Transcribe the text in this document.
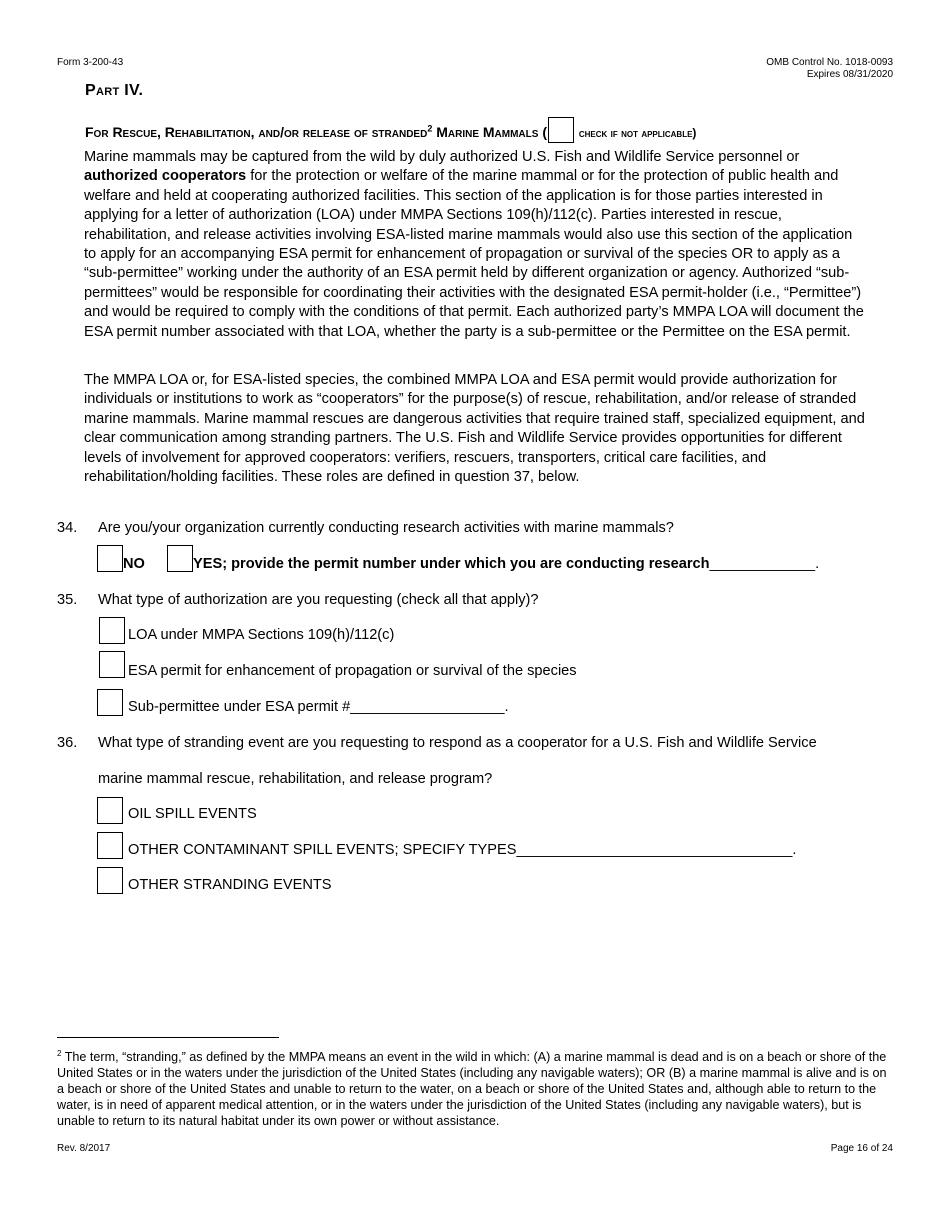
Form 3-200-43	OMB Control No. 1018-0093
Expires 08/31/2020
Part IV.
For Rescue, Rehabilitation, and/or release of stranded$^2$ Marine Mammals (	check if not applicable)

Marine mammals may be captured from the wild by duly authorized U.S. Fish and Wildlife Service personnel or authorized cooperators for the protection or welfare of the marine mammal or for the protection of public health and welfare and held at cooperating authorized facilities. This section of the application is for those parties interested in applying for a letter of authorization (LOA) under MMPA Sections 109(h)/112(c). Parties interested in rescue, rehabilitation, and release activities involving ESA-listed marine mammals would also use this section of the application to apply for an accompanying ESA permit for enhancement of propagation or survival of the species OR to apply as a “sub-permittee” working under the authority of an ESA permit held by different organization or agency. Authorized “sub-permittees” would be responsible for coordinating their activities with the designated ESA permit-holder (i.e., “Permittee”) and would be required to comply with the conditions of that permit. Each authorized party’s MMPA LOA will document the ESA permit number associated with that LOA, whether the party is a sub-permittee or the Permittee on the ESA permit.

The MMPA LOA or, for ESA-listed species, the combined MMPA LOA and ESA permit would provide authorization for individuals or institutions to work as “cooperators” for the purpose(s) of rescue, rehabilitation, and/or release of stranded marine mammals. Marine mammal rescues are dangerous activities that require trained staff, specialized equipment, and clear communication among stranding partners. The U.S. Fish and Wildlife Service provides opportunities for different levels of involvement for approved cooperators: verifiers, rescuers, transporters, critical care facilities, and rehabilitation/holding facilities. These roles are defined in question 37, below.

34. Are you/your organization currently conducting research activities with marine mammals?
NO	YES; provide the permit number under which you are conducting research_____________.
35. What type of authorization are you requesting (check all that apply)?
LOA under MMPA Sections 109(h)/112(c)
ESA permit for enhancement of propagation or survival of the species
Sub-permittee under ESA permit #___________________.
36. What type of stranding event are you requesting to respond as a cooperator for a U.S. Fish and Wildlife Service
marine mammal rescue, rehabilitation, and release program?
OIL SPILL EVENTS
OTHER CONTAMINANT SPILL EVENTS; SPECIFY TYPES__________________________________.
OTHER STRANDING EVENTS

$^2$ The term, “stranding,” as defined by the MMPA means an event in the wild in which: (A) a marine mammal is dead and is on a beach or shore of the United States or in the waters under the jurisdiction of the United States (including any navigable waters); OR (B) a marine mammal is alive and is on a beach or shore of the United States and unable to return to the water, on a beach or shore of the United States and, although able to return to the water, is in need of apparent medical attention, or in the waters under the jurisdiction of the United States (including any navigable waters), but is unable to return to its natural habitat under its own power or without assistance.

Rev. 8/2017	Page 16 of 24
